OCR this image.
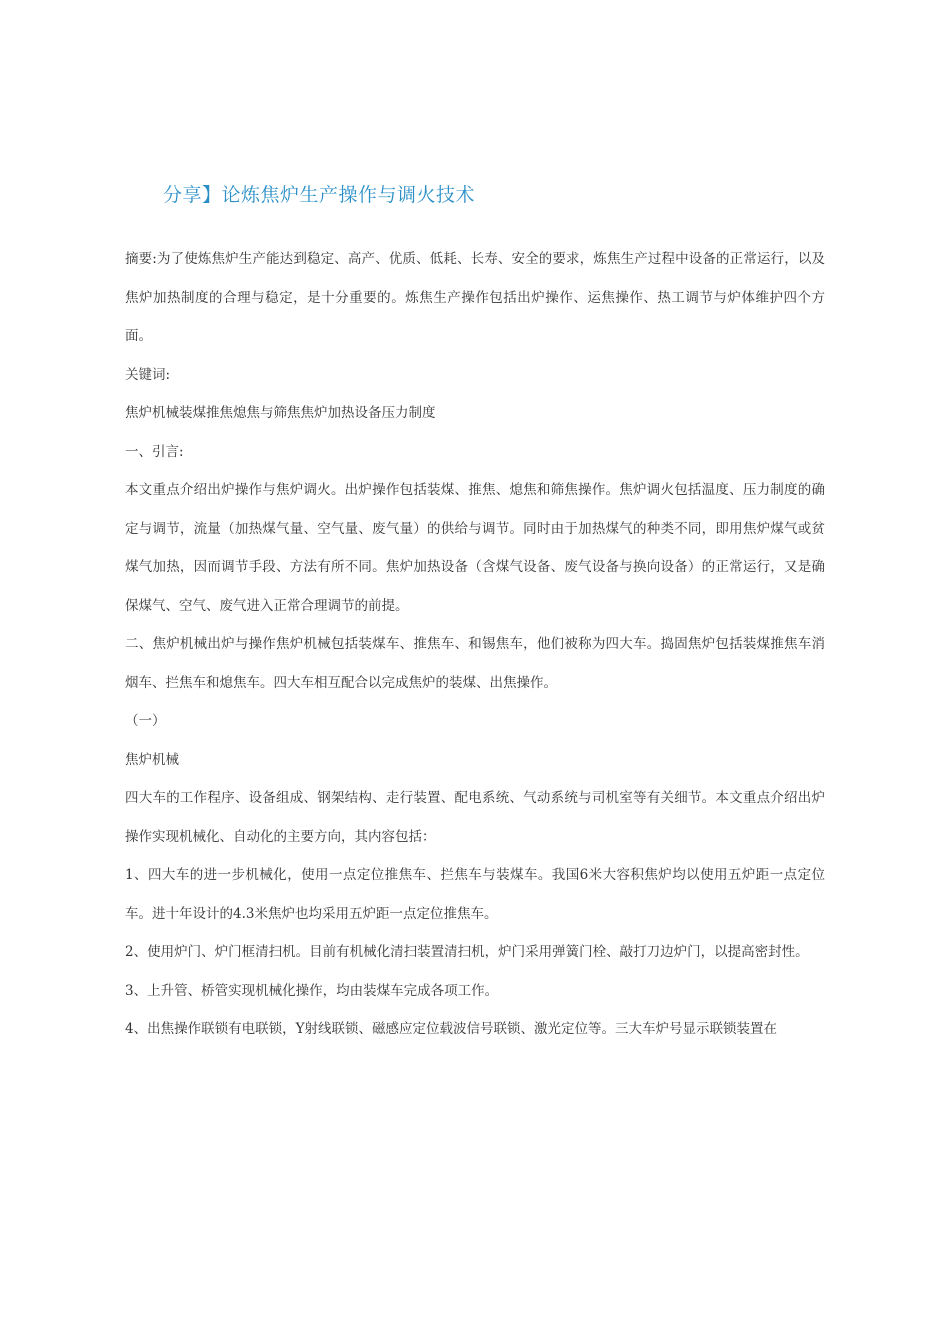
分享】论炼焦炉生产操作与调火技术

摘要:为了使炼焦炉生产能达到稳定、高产、优质、低耗、长寿、安全的要求，炼焦生产过程中设备的正常运行，以及焦炉加热制度的合理与稳定，是十分重要的。炼焦生产操作包括出炉操作、运焦操作、热工调节与炉体维护四个方面。

关键词:

焦炉机械装煤推焦熄焦与筛焦焦炉加热设备压力制度

一、引言:

本文重点介绍出炉操作与焦炉调火。出炉操作包括装煤、推焦、熄焦和筛焦操作。焦炉调火包括温度、压力制度的确定与调节，流量（加热煤气量、空气量、废气量）的供给与调节。同时由于加热煤气的种类不同，即用焦炉煤气或贫煤气加热，因而调节手段、方法有所不同。焦炉加热设备（含煤气设备、废气设备与换向设备）的正常运行，又是确保煤气、空气、废气进入正常合理调节的前提。

二、焦炉机械出炉与操作焦炉机械包括装煤车、推焦车、和锡焦车，他们被称为四大车。捣固焦炉包括装煤推焦车消烟车、拦焦车和熄焦车。四大车相互配合以完成焦炉的装煤、出焦操作。

（一）

焦炉机械

四大车的工作程序、设备组成、钢架结构、走行装置、配电系统、气动系统与司机室等有关细节。本文重点介绍出炉操作实现机械化、自动化的主要方向，其内容包括：

1、四大车的进一步机械化，使用一点定位推焦车、拦焦车与装煤车。我国6米大容积焦炉均以使用五炉距一点定位车。进十年设计的4.3米焦炉也均采用五炉距一点定位推焦车。

2、使用炉门、炉门框清扫机。目前有机械化清扫装置清扫机，炉门采用弹簧门栓、敲打刀边炉门，以提高密封性。

3、上升管、桥管实现机械化操作，均由装煤车完成各项工作。

4、出焦操作联锁有电联锁，Y射线联锁、磁感应定位载波信号联锁、激光定位等。三大车炉号显示联锁装置在
